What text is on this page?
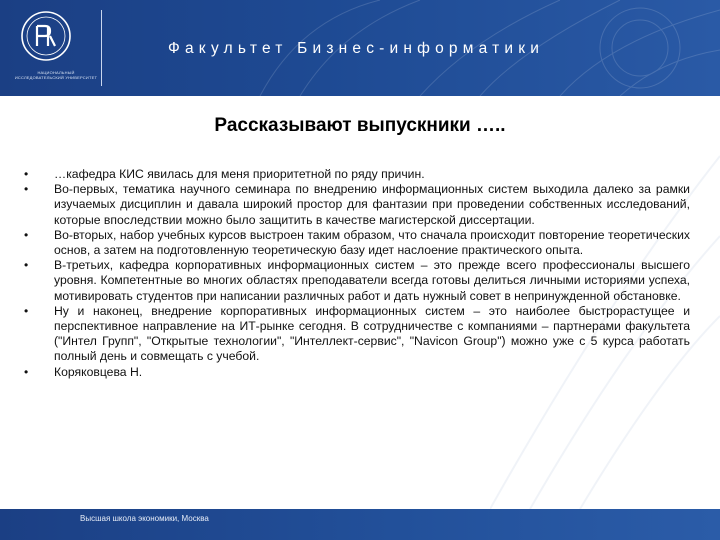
НАЦИОНАЛЬНЫЙ ИССЛЕДОВАТЕЛЬСКИЙ УНИВЕРСИТЕТ
Факультет Бизнес-информатики
Рассказывают выпускники …..
• …кафедра КИС явилась для меня приоритетной по ряду причин.
• Во-первых, тематика научного семинара по внедрению информационных систем выходила далеко за рамки изучаемых дисциплин и давала широкий простор для фантазии при проведении собственных исследований, которые впоследствии можно было защитить в качестве магистерской диссертации.
• Во-вторых, набор учебных курсов выстроен таким образом, что сначала происходит повторение теоретических основ, а затем на подготовленную теоретическую базу идет наслоение практического опыта.
• В-третьих, кафедра корпоративных информационных систем – это прежде всего профессионалы высшего уровня. Компетентные во многих областях преподаватели всегда готовы делиться личными историями успеха, мотивировать студентов при написании различных работ и дать нужный совет в непринужденной обстановке.
• Ну и наконец, внедрение корпоративных информационных систем – это наиболее быстрорастущее и перспективное направление на ИТ-рынке сегодня. В сотрудничестве с компаниями – партнерами факультета ("Интел Групп", "Открытые технологии", "Интеллект-сервис", "Navicon Group") можно уже с 5 курса работать полный день и совмещать с учебой.
• Коряковцева Н.
Высшая школа экономики, Москва
